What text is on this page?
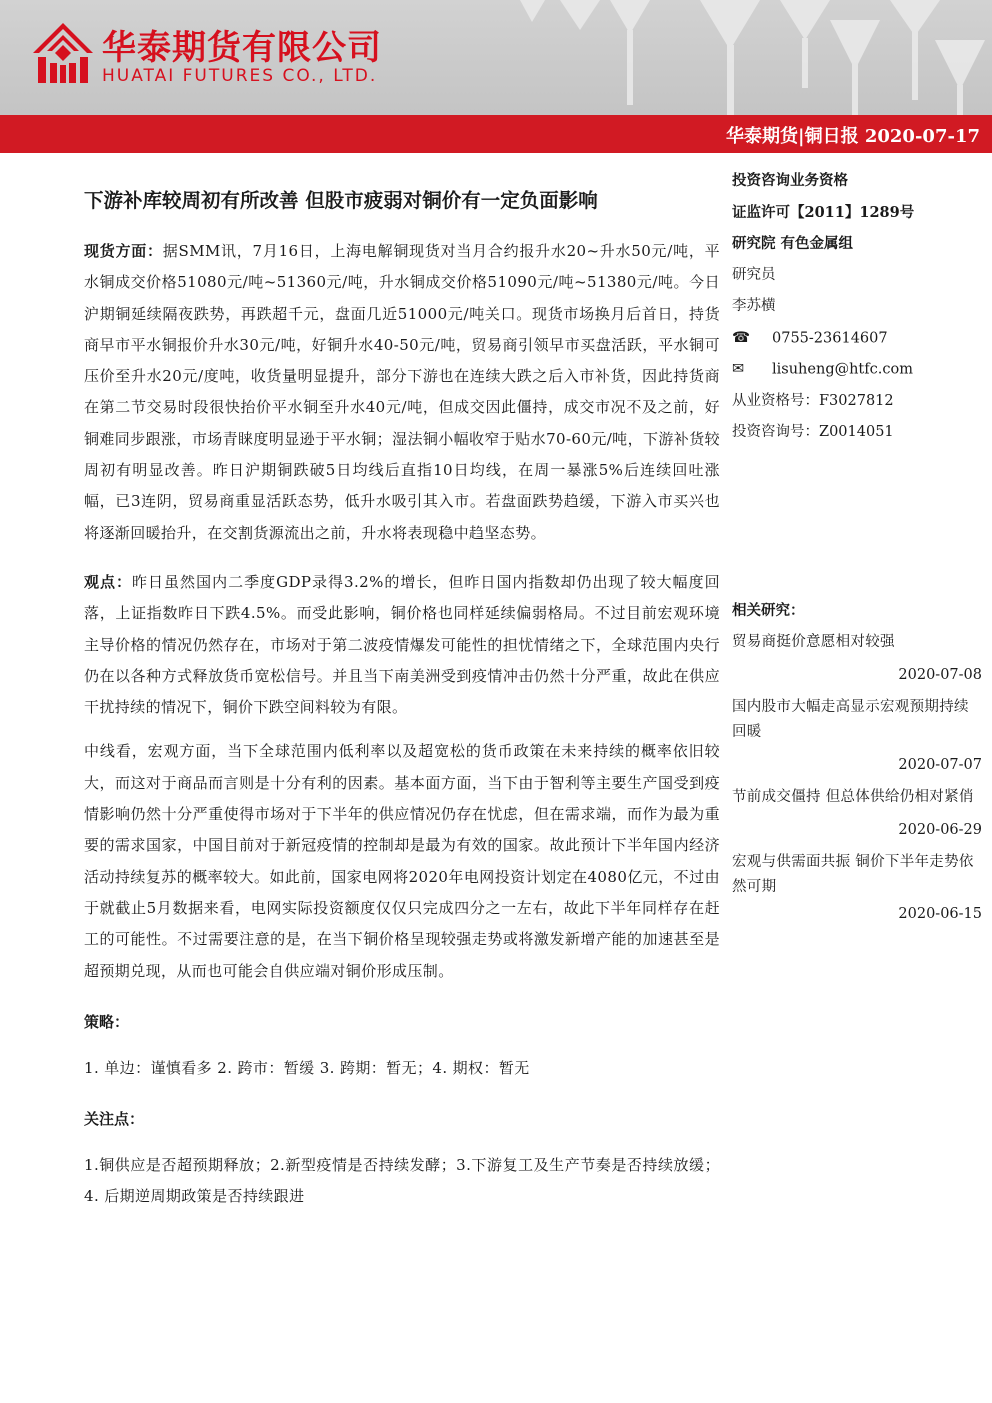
华泰期货有限公司
HUATAI FUTURES CO., LTD.
华泰期货|铜日报 2020-07-17
下游补库较周初有所改善 但股市疲弱对铜价有一定负面影响

现货方面：据SMM讯，7月16日，上海电解铜现货对当月合约报升水20~升水50元/吨，平水铜成交价格51080元/吨~51360元/吨，升水铜成交价格51090元/吨~51380元/吨。今日沪期铜延续隔夜跌势，再跌超千元，盘面几近51000元/吨关口。现货市场换月后首日，持货商早市平水铜报价升水30元/吨，好铜升水40-50元/吨，贸易商引领早市买盘活跃，平水铜可压价至升水20元/度吨，收货量明显提升，部分下游也在连续大跌之后入市补货，因此持货商在第二节交易时段很快抬价平水铜至升水40元/吨，但成交因此僵持，成交市况不及之前，好铜难同步跟涨，市场青睐度明显逊于平水铜；湿法铜小幅收窄于贴水70-60元/吨，下游补货较周初有明显改善。昨日沪期铜跌破5日均线后直指10日均线，在周一暴涨5%后连续回吐涨幅，已3连阴，贸易商重显活跃态势，低升水吸引其入市。若盘面跌势趋缓，下游入市买兴也将逐渐回暖抬升，在交割货源流出之前，升水将表现稳中趋坚态势。

观点：昨日虽然国内二季度GDP录得3.2%的增长，但昨日国内指数却仍出现了较大幅度回落，上证指数昨日下跌4.5%。而受此影响，铜价格也同样延续偏弱格局。不过目前宏观环境主导价格的情况仍然存在，市场对于第二波疫情爆发可能性的担忧情绪之下，全球范围内央行仍在以各种方式释放货币宽松信号。并且当下南美洲受到疫情冲击仍然十分严重，故此在供应干扰持续的情况下，铜价下跌空间料较为有限。

中线看，宏观方面，当下全球范围内低利率以及超宽松的货币政策在未来持续的概率依旧较大，而这对于商品而言则是十分有利的因素。基本面方面，当下由于智利等主要生产国受到疫情影响仍然十分严重使得市场对于下半年的供应情况仍存在忧虑，但在需求端，而作为最为重要的需求国家，中国目前对于新冠疫情的控制却是最为有效的国家。故此预计下半年国内经济活动持续复苏的概率较大。如此前，国家电网将2020年电网投资计划定在4080亿元，不过由于就截止5月数据来看，电网实际投资额度仅仅只完成四分之一左右，故此下半年同样存在赶工的可能性。不过需要注意的是，在当下铜价格呈现较强走势或将激发新增产能的加速甚至是超预期兑现，从而也可能会自供应端对铜价形成压制。

策略：

1. 单边：谨慎看多 2. 跨市：暂缓 3. 跨期：暂无；4. 期权：暂无

关注点：

1.铜供应是否超预期释放；2.新型疫情是否持续发酵；3.下游复工及生产节奏是否持续放缓；4. 后期逆周期政策是否持续跟进

投资咨询业务资格
证监许可【2011】1289号
研究院 有色金属组
研究员
李苏横
☎ 0755-23614607
✉ lisuheng@htfc.com
从业资格号：F3027812
投资咨询号：Z0014051
相关研究：
贸易商挺价意愿相对较强
2020-07-08
国内股市大幅走高显示宏观预期持续回暖
2020-07-07
节前成交僵持 但总体供给仍相对紧俏
2020-06-29
宏观与供需面共振 铜价下半年走势依然可期
2020-06-15
